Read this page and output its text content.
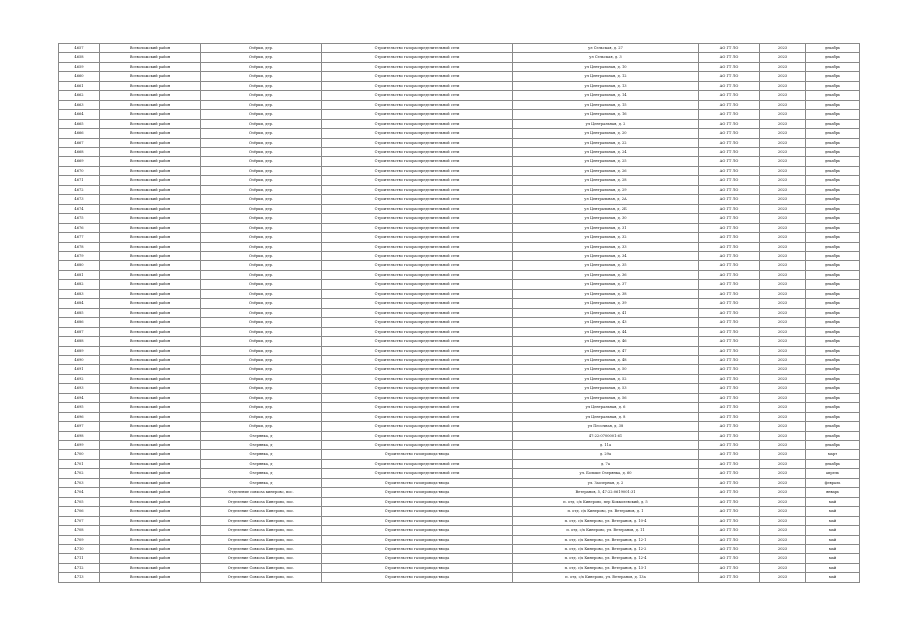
4657	Всеволожский район	Озёрки, дер.	Строительство газораспределительной сети	ул Сельская, д. 27	АО ГТ ЛО	2023	декабрь
4658	Всеволожский район	Озёрки, дер.	Строительство газораспределительной сети	ул Сельская, д. 3	АО ГТ ЛО	2023	декабрь
4659	Всеволожский район	Озёрки, дер.	Строительство газораспределительной сети	ул Центральная, д. 10	АО ГТ ЛО	2023	декабрь
4660	Всеволожский район	Озёрки, дер.	Строительство газораспределительной сети	ул Центральная, д. 12	АО ГТ ЛО	2023	декабрь
4661	Всеволожский район	Озёрки, дер.	Строительство газораспределительной сети	ул Центральная, д. 13	АО ГТ ЛО	2023	декабрь
4662	Всеволожский район	Озёрки, дер.	Строительство газораспределительной сети	ул Центральная, д. 14	АО ГТ ЛО	2023	декабрь
4663	Всеволожский район	Озёрки, дер.	Строительство газораспределительной сети	ул Центральная, д. 15	АО ГТ ЛО	2023	декабрь
4664	Всеволожский район	Озёрки, дер.	Строительство газораспределительной сети	ул Центральная, д. 16	АО ГТ ЛО	2023	декабрь
4665	Всеволожский район	Озёрки, дер.	Строительство газораспределительной сети	ул Центральная, д. 2	АО ГТ ЛО	2023	декабрь
4666	Всеволожский район	Озёрки, дер.	Строительство газораспределительной сети	ул Центральная, д. 20	АО ГТ ЛО	2023	декабрь
4667	Всеволожский район	Озёрки, дер.	Строительство газораспределительной сети	ул Центральная, д. 22	АО ГТ ЛО	2023	декабрь
4668	Всеволожский район	Озёрки, дер.	Строительство газораспределительной сети	ул Центральная, д. 24	АО ГТ ЛО	2023	декабрь
4669	Всеволожский район	Озёрки, дер.	Строительство газораспределительной сети	ул Центральная, д. 25	АО ГТ ЛО	2023	декабрь
4670	Всеволожский район	Озёрки, дер.	Строительство газораспределительной сети	ул Центральная, д. 26	АО ГТ ЛО	2023	декабрь
4671	Всеволожский район	Озёрки, дер.	Строительство газораспределительной сети	ул Центральная, д. 28	АО ГТ ЛО	2023	декабрь
4672	Всеволожский район	Озёрки, дер.	Строительство газораспределительной сети	ул Центральная, д. 29	АО ГТ ЛО	2023	декабрь
4673	Всеволожский район	Озёрки, дер.	Строительство газораспределительной сети	ул Центральная, д. 2А	АО ГТ ЛО	2023	декабрь
4674	Всеволожский район	Озёрки, дер.	Строительство газораспределительной сети	ул Центральная, д. 2Б	АО ГТ ЛО	2023	декабрь
4675	Всеволожский район	Озёрки, дер.	Строительство газораспределительной сети	ул Центральная, д. 30	АО ГТ ЛО	2023	декабрь
4676	Всеволожский район	Озёрки, дер.	Строительство газораспределительной сети	ул Центральная, д. 31	АО ГТ ЛО	2023	декабрь
4677	Всеволожский район	Озёрки, дер.	Строительство газораспределительной сети	ул Центральная, д. 32	АО ГТ ЛО	2023	декабрь
4678	Всеволожский район	Озёрки, дер.	Строительство газораспределительной сети	ул Центральная, д. 33	АО ГТ ЛО	2023	декабрь
4679	Всеволожский район	Озёрки, дер.	Строительство газораспределительной сети	ул Центральная, д. 34	АО ГТ ЛО	2023	декабрь
4680	Всеволожский район	Озёрки, дер.	Строительство газораспределительной сети	ул Центральная, д. 35	АО ГТ ЛО	2023	декабрь
4681	Всеволожский район	Озёрки, дер.	Строительство газораспределительной сети	ул Центральная, д. 36	АО ГТ ЛО	2023	декабрь
4682	Всеволожский район	Озёрки, дер.	Строительство газораспределительной сети	ул Центральная, д. 37	АО ГТ ЛО	2023	декабрь
4683	Всеволожский район	Озёрки, дер.	Строительство газораспределительной сети	ул Центральная, д. 38	АО ГТ ЛО	2023	декабрь
4684	Всеволожский район	Озёрки, дер.	Строительство газораспределительной сети	ул Центральная, д. 39	АО ГТ ЛО	2023	декабрь
4685	Всеволожский район	Озёрки, дер.	Строительство газораспределительной сети	ул Центральная, д. 41	АО ГТ ЛО	2023	декабрь
4686	Всеволожский район	Озёрки, дер.	Строительство газораспределительной сети	ул Центральная, д. 43	АО ГТ ЛО	2023	декабрь
4687	Всеволожский район	Озёрки, дер.	Строительство газораспределительной сети	ул Центральная, д. 44	АО ГТ ЛО	2023	декабрь
4688	Всеволожский район	Озёрки, дер.	Строительство газораспределительной сети	ул Центральная, д. 46	АО ГТ ЛО	2023	декабрь
4689	Всеволожский район	Озёрки, дер.	Строительство газораспределительной сети	ул Центральная, д. 47	АО ГТ ЛО	2023	декабрь
4690	Всеволожский район	Озёрки, дер.	Строительство газораспределительной сети	ул Центральная, д. 48	АО ГТ ЛО	2023	декабрь
4691	Всеволожский район	Озёрки, дер.	Строительство газораспределительной сети	ул Центральная, д. 50	АО ГТ ЛО	2023	декабрь
4692	Всеволожский район	Озёрки, дер.	Строительство газораспределительной сети	ул Центральная, д. 52	АО ГТ ЛО	2023	декабрь
4693	Всеволожский район	Озёрки, дер.	Строительство газораспределительной сети	ул Центральная, д. 53	АО ГТ ЛО	2023	декабрь
4694	Всеволожский район	Озёрки, дер.	Строительство газораспределительной сети	ул Центральная, д. 56	АО ГТ ЛО	2023	декабрь
4695	Всеволожский район	Озёрки, дер.	Строительство газораспределительной сети	ул Центральная, д. 6	АО ГТ ЛО	2023	декабрь
4696	Всеволожский район	Озёрки, дер.	Строительство газораспределительной сети	ул Центральная, д. 8	АО ГТ ЛО	2023	декабрь
4697	Всеволожский район	Озёрки, дер.	Строительство газораспределительной сети	ул Песочная, д. 38	АО ГТ ЛО	2023	декабрь
4698	Всеволожский район	Озерянка, д	Строительство газораспределительной сети	47:22:0700001:61	АО ГТ ЛО	2023	декабрь
4699	Всеволожский район	Озерянка, д	Строительство газораспределительной сети	д. 11а	АО ГТ ЛО	2023	декабрь
4700	Всеволожский район	Озерянка, д	Строительство газопровода-ввода	д. 29а	АО ГТ ЛО	2023	март
4701	Всеволожский район	Озерянка, д	Строительство газораспределительной сети	д. 7а	АО ГТ ЛО	2023	декабрь
4702	Всеволожский район	Озерянка, д	Строительство газораспределительной сети	ул. Больше Озерянка, д. 60	АО ГТ ЛО	2023	апрель
4703	Всеволожский район	Озерянка, д	Строительство газопровода-ввода	ул. Заозерная, д. 2	АО ГТ ЛО	2023	февраль
4704	Всеволожский район	Отделение совхоза кинерово, пос.	Строительство газопровода-ввода	Ветеранов, 5, 47:22:0619001:31	АО ГТ ЛО	2023	январь
4705	Всеволожский район	Отделение Совхоза Кинерово, пос.	Строительство газопровода-ввода	п. отд. с/х Кинерово, пер Кокколевский, д. 5	АО ГТ ЛО	2023	май
4706	Всеволожский район	Отделение Совхоза Кинерово, пос.	Строительство газопровода-ввода	п. отд. с/х Кинерово, ул. Ветеранов, д. 1	АО ГТ ЛО	2023	май
4707	Всеволожский район	Отделение Совхоза Кинерово, пос.	Строительство газопровода-ввода	п. отд. с/х Кинерово, ул. Ветеранов, д. 10-4	АО ГТ ЛО	2023	май
4708	Всеволожский район	Отделение Совхоза Кинерово, пос.	Строительство газопровода-ввода	п. отд. с/х Кинерово, ул. Ветеранов, д. 11	АО ГТ ЛО	2023	май
4709	Всеволожский район	Отделение Совхоза Кинерово, пос.	Строительство газопровода-ввода	п. отд. с/х Кинерово, ул. Ветеранов, д. 12-1	АО ГТ ЛО	2023	май
4710	Всеволожский район	Отделение Совхоза Кинерово, пос.	Строительство газопровода-ввода	п. отд. с/х Кинерово, ул. Ветеранов, д. 12-2	АО ГТ ЛО	2023	май
4711	Всеволожский район	Отделение Совхоза Кинерово, пос.	Строительство газопровода-ввода	п. отд. с/х Кинерово, ул. Ветеранов, д. 12-4	АО ГТ ЛО	2023	май
4712	Всеволожский район	Отделение Совхоза Кинерово, пос.	Строительство газопровода-ввода	п. отд. с/х Кинерово, ул. Ветеранов, д. 13-1	АО ГТ ЛО	2023	май
4713	Всеволожский район	Отделение Совхоза Кинерово, пос.	Строительство газопровода-ввода	п. отд. с/х Кинерово, ул. Ветеранов, д. 13а	АО ГТ ЛО	2023	май
